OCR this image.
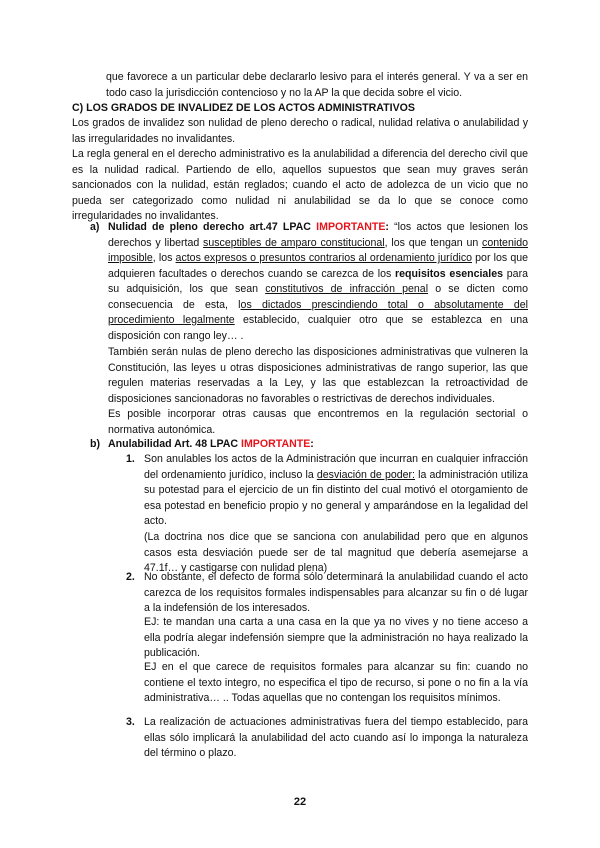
que favorece a un particular debe declararlo lesivo para el interés general. Y va a ser en todo caso la jurisdicción contencioso y no la AP la que decida sobre el vicio.

C) LOS GRADOS DE INVALIDEZ DE LOS ACTOS ADMINISTRATIVOS

Los grados de invalidez son nulidad de pleno derecho o radical, nulidad relativa o anulabilidad y las irregularidades no invalidantes.

La regla general en el derecho administrativo es la anulabilidad a diferencia del derecho civil que es la nulidad radical. Partiendo de ello, aquellos supuestos que sean muy graves serán sancionados con la nulidad, están reglados; cuando el acto de adolezca de un vicio que no pueda ser categorizado como nulidad ni anulabilidad se da lo que se conoce como irregularidades no invalidantes.

a) Nulidad de pleno derecho art.47 LPAC IMPORTANTE: “los actos que lesionen los derechos y libertad susceptibles de amparo constitucional, los que tengan un contenido imposible, los actos expresos o presuntos contrarios al ordenamiento jurídico por los que adquieren facultades o derechos cuando se carezca de los requisitos esenciales para su adquisición, los que sean constitutivos de infracción penal o se dicten como consecuencia de esta, los dictados prescindiendo total o absolutamente del procedimiento legalmente establecido, cualquier otro que se establezca en una disposición con rango ley… .

También serán nulas de pleno derecho las disposiciones administrativas que vulneren la Constitución, las leyes u otras disposiciones administrativas de rango superior, las que regulen materias reservadas a la Ley, y las que establezcan la retroactividad de disposiciones sancionadoras no favorables o restrictivas de derechos individuales.

Es posible incorporar otras causas que encontremos en la regulación sectorial o normativa autonómica.

b) Anulabilidad Art. 48 LPAC IMPORTANTE:

1. Son anulables los actos de la Administración que incurran en cualquier infracción del ordenamiento jurídico, incluso la desviación de poder: la administración utiliza su potestad para el ejercicio de un fin distinto del cual motivó el otorgamiento de esa potestad en beneficio propio y no general y amparándose en la legalidad del acto.

(La doctrina nos dice que se sanciona con anulabilidad pero que en algunos casos esta desviación puede ser de tal magnitud que debería asemejarse a 47.1f… y castigarse con nulidad plena)

2. No obstante, el defecto de forma sólo determinará la anulabilidad cuando el acto carezca de los requisitos formales indispensables para alcanzar su fin o dé lugar a la indefensión de los interesados.

EJ: te mandan una carta a una casa en la que ya no vives y no tiene acceso a ella podría alegar indefensión siempre que la administración no haya realizado la publicación.

EJ en el que carece de requisitos formales para alcanzar su fin: cuando no contiene el texto integro, no especifica el tipo de recurso, si pone o no fin a la vía administrativa… .. Todas aquellas que no contengan los requisitos mínimos.

3. La realización de actuaciones administrativas fuera del tiempo establecido, para ellas sólo implicará la anulabilidad del acto cuando así lo imponga la naturaleza del término o plazo.

22
